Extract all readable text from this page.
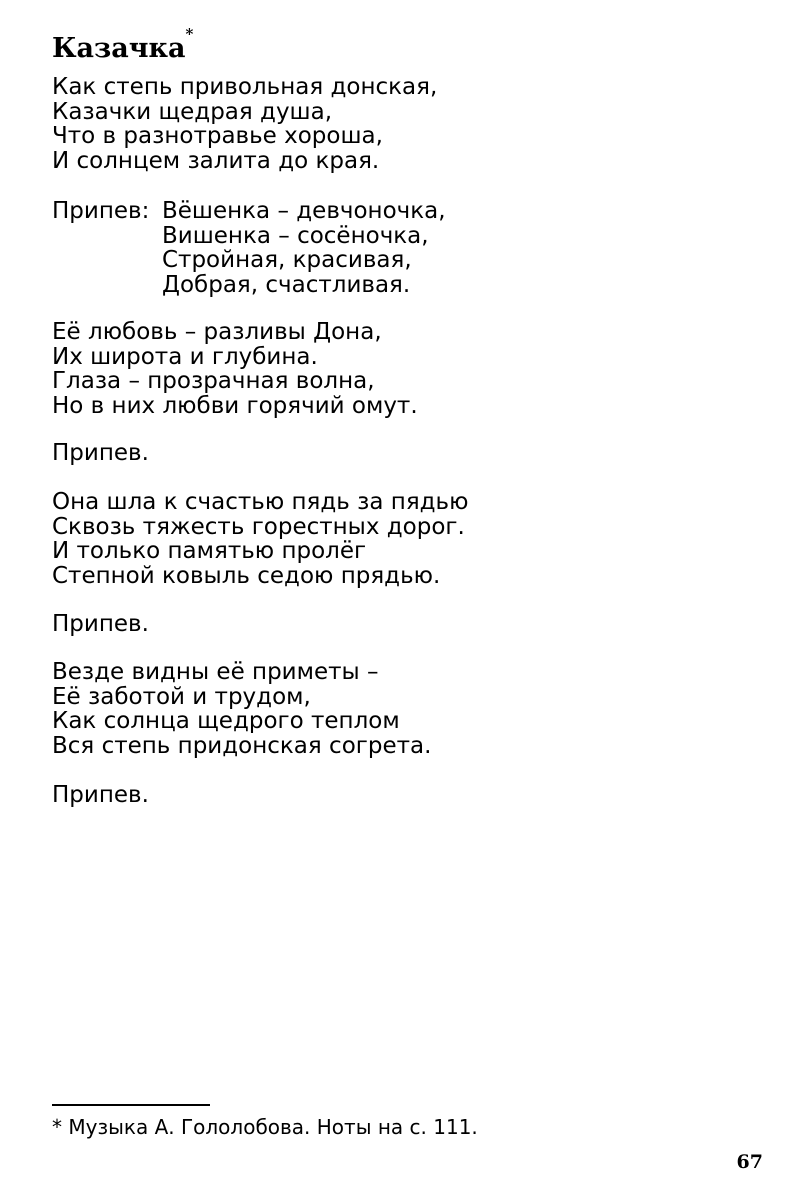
Казачка*
Как степь привольная донская,
Казачки щедрая душа,
Что в разнотравье хороша,
И солнцем залита до края.
Припев: Вёшенка – девчоночка,
Вишенка – сосёночка,
Стройная, красивая,
Добрая, счастливая.
Её любовь – разливы Дона,
Их широта и глубина.
Глаза – прозрачная волна,
Но в них любви горячий омут.
Припев.
Она шла к счастью пядь за пядью
Сквозь тяжесть горестных дорог.
И только памятью пролёг
Степной ковыль седою прядью.
Припев.
Везде видны её приметы –
Её заботой и трудом,
Как солнца щедрого теплом
Вся степь придонская согрета.
Припев.
* Музыка А. Гололобова. Ноты на с. 111.
67
